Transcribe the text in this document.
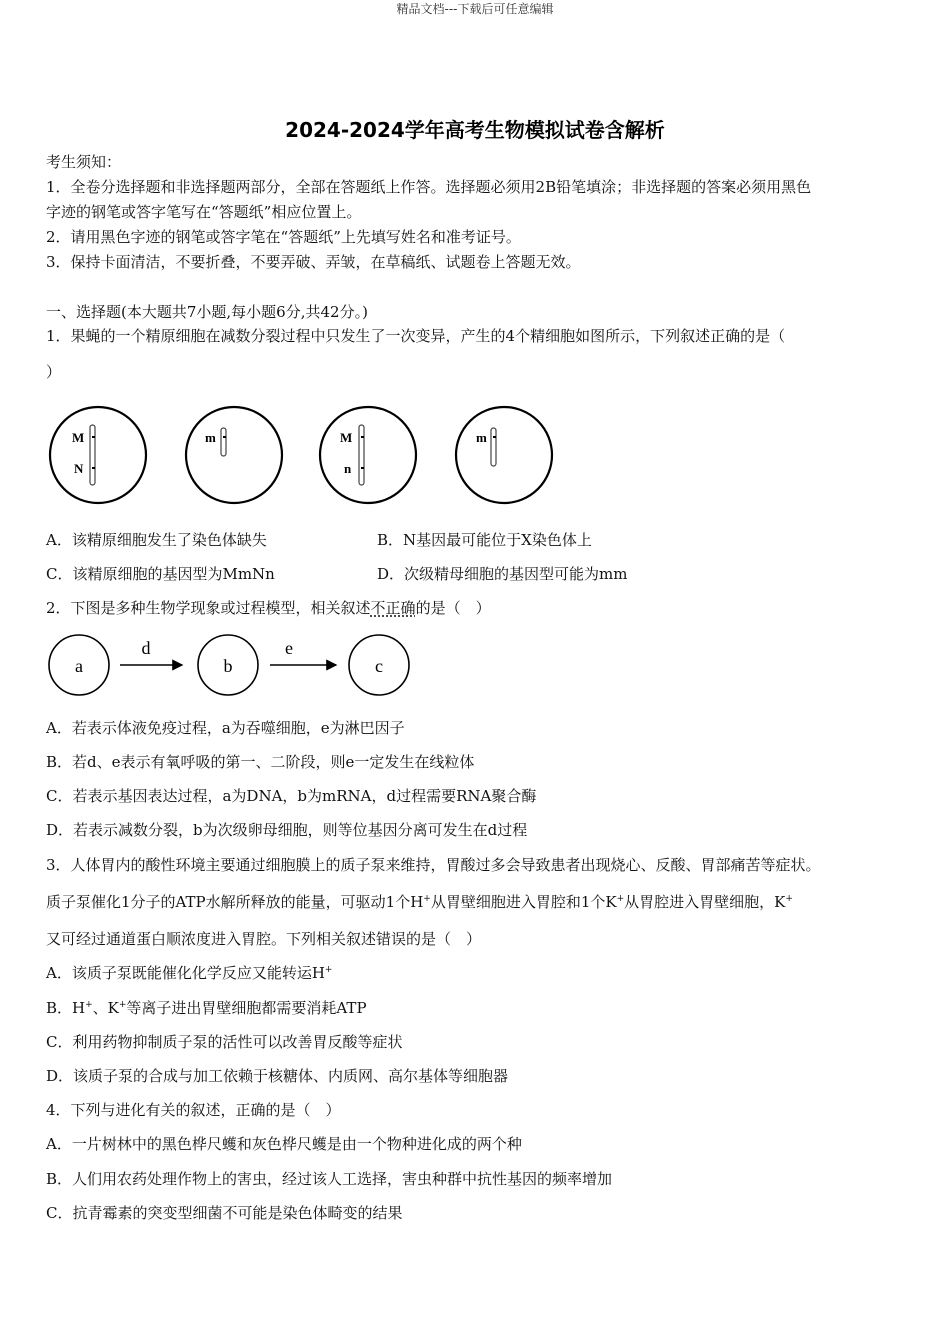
精品文档---下载后可任意编辑
2024-2024学年高考生物模拟试卷含解析
考生须知：
1．全卷分选择题和非选择题两部分，全部在答题纸上作答。选择题必须用2B铅笔填涂；非选择题的答案必须用黑色
字迹的钢笔或答字笔写在“答题纸”相应位置上。
2．请用黑色字迹的钢笔或答字笔在“答题纸”上先填写姓名和准考证号。
3．保持卡面清洁，不要折叠，不要弄破、弄皱，在草稿纸、试题卷上答题无效。
一、选择题(本大题共7小题,每小题6分,共42分。)
1．果蝇的一个精原细胞在减数分裂过程中只发生了一次变异，产生的4个精细胞如图所示，下列叙述正确的是（
）
M
N
m	M
n
m
A．该精原细胞发生了染色体缺失	B．N基因最可能位于X染色体上
C．该精原细胞的基因型为MmNn	D．次级精母细胞的基因型可能为mm
2．下图是多种生物学现象或过程模型，相关叙述不正确的是（　）
a
d
b
e
c
A．若表示体液免疫过程，a为吞噬细胞，e为淋巴因子
B．若d、e表示有氧呼吸的第一、二阶段，则e一定发生在线粒体
C．若表示基因表达过程，a为DNA，b为mRNA，d过程需要RNA聚合酶
D．若表示减数分裂，b为次级卵母细胞，则等位基因分离可发生在d过程
3．人体胃内的酸性环境主要通过细胞膜上的质子泵来维持，胃酸过多会导致患者出现烧心、反酸、胃部痛苦等症状。
质子泵催化1分子的ATP水解所释放的能量，可驱动1个H+从胃壁细胞进入胃腔和1个K+从胃腔进入胃壁细胞，K+
又可经过通道蛋白顺浓度进入胃腔。下列相关叙述错误的是（　）
A．该质子泵既能催化化学反应又能转运H+
B．H+、K+等离子进出胃壁细胞都需要消耗ATP
C．利用药物抑制质子泵的活性可以改善胃反酸等症状
D．该质子泵的合成与加工依赖于核糖体、内质网、高尔基体等细胞器
4．下列与进化有关的叙述，正确的是（　）
A．一片树林中的黑色桦尺蠖和灰色桦尺蠖是由一个物种进化成的两个种
B．人们用农药处理作物上的害虫，经过该人工选择，害虫种群中抗性基因的频率增加
C．抗青霉素的突变型细菌不可能是染色体畸变的结果
